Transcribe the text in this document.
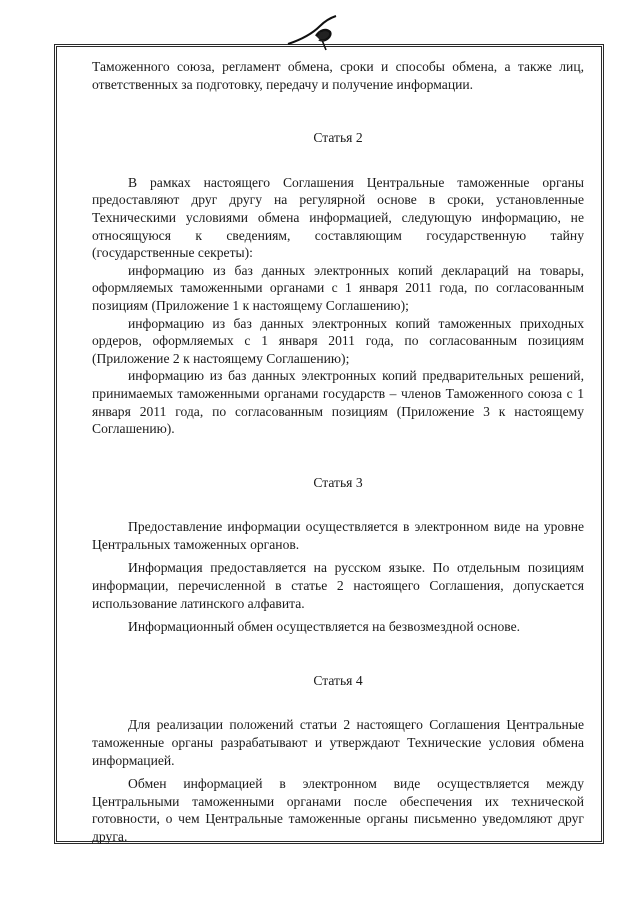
2

Таможенного союза, регламент обмена, сроки и способы обмена, а также лиц, ответственных за подготовку, передачу и получение информации.

Статья 2

В рамках настоящего Соглашения Центральные таможенные органы предоставляют друг другу на регулярной основе в сроки, установленные Техническими условиями обмена информацией, следующую информацию, не относящуюся к сведениям, составляющим государственную тайну (государственные секреты):

информацию из баз данных электронных копий деклараций на товары, оформляемых таможенными органами с 1 января 2011 года, по согласованным позициям (Приложение 1 к настоящему Соглашению);

информацию из баз данных электронных копий таможенных приходных ордеров, оформляемых с 1 января 2011 года, по согласованным позициям (Приложение 2 к настоящему Соглашению);

информацию из баз данных электронных копий предварительных решений, принимаемых таможенными органами государств – членов Таможенного союза с 1 января 2011 года, по согласованным позициям (Приложение 3 к настоящему Соглашению).

Статья 3

Предоставление информации осуществляется в электронном виде на уровне Центральных таможенных органов.

Информация предоставляется на русском языке. По отдельным позициям информации, перечисленной в статье 2 настоящего Соглашения, допускается использование латинского алфавита.

Информационный обмен осуществляется на безвозмездной основе.

Статья 4

Для реализации положений статьи 2 настоящего Соглашения Центральные таможенные органы разрабатывают и утверждают Технические условия обмена информацией.

Обмен информацией в электронном виде осуществляется между Центральными таможенными органами после обеспечения их технической готовности, о чем Центральные таможенные органы письменно уведомляют друг друга.
